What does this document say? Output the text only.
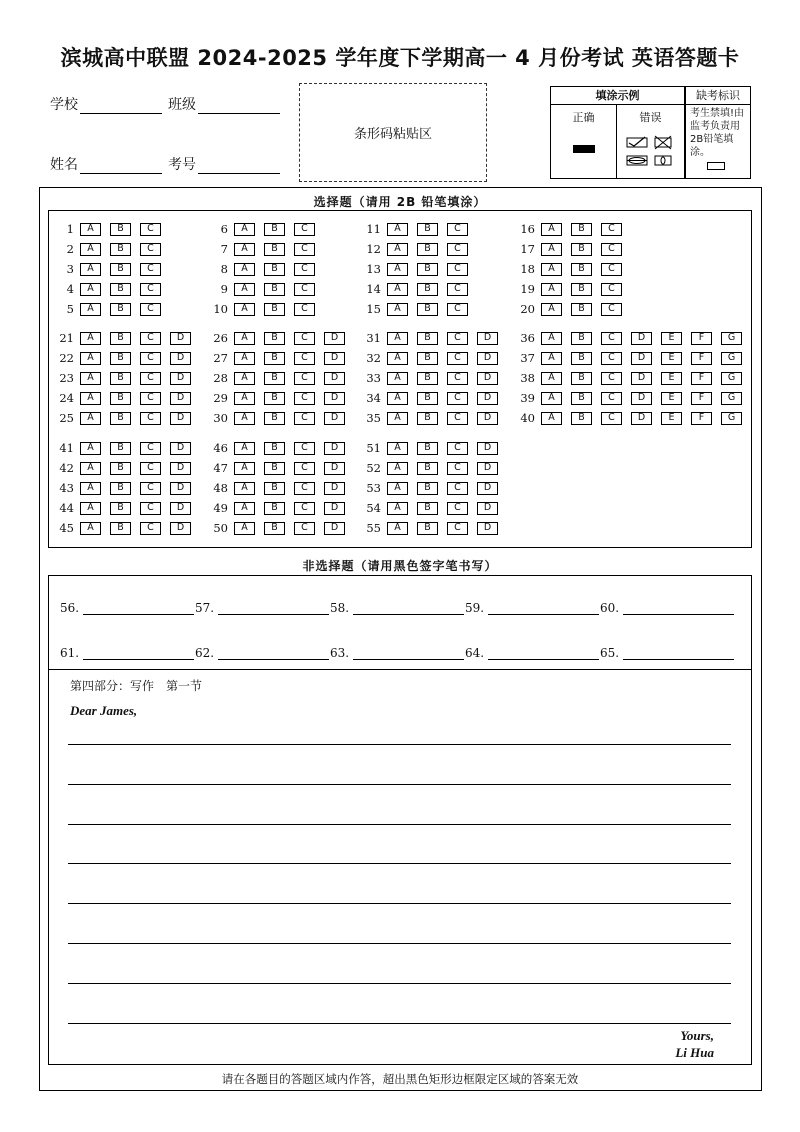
滨城高中联盟 2024-2025 学年度下学期高一 4 月份考试 英语答题卡
学校	班级
姓名	考号
条形码粘贴区
填涂示例
正确	错误
缺考标识
考生禁填!由监考负责用2B铅笔填涂。
选择题（请用 2B 铅笔填涂）
1 A B C
2 A B C
3 A B C
4 A B C
5 A B C
6 A B C
7 A B C
8 A B C
9 A B C
10 A B C
11 A B C
12 A B C
13 A B C
14 A B C
15 A B C
16 A B C
17 A B C
18 A B C
19 A B C
20 A B C
21 A B C D
22 A B C D
23 A B C D
24 A B C D
25 A B C D
26 A B C D
27 A B C D
28 A B C D
29 A B C D
30 A B C D
31 A B C D
32 A B C D
33 A B C D
34 A B C D
35 A B C D
36 A B C D E	F G
37 A B C D E	F G
38 A B C D E	F G
39 A B C D E	F G
40 A B C D E	F G
41 A B C D
42 A B C D
43 A B C D
44 A B C D
45 A B C D
46 A B C D
47 A B C D
48 A B C D
49 A B C D
50 A B C D
51 A B C D
52 A B C D
53 A B C D
54 A B C D
55 A B C D
非选择题（请用黑色签字笔书写）
56.	57.	58.	59.	60.
61.	62.	63.	64.	65.
第四部分：写作　第一节
Dear James,
Yours,
Li Hua
请在各题目的答题区域内作答，超出黑色矩形边框限定区域的答案无效
